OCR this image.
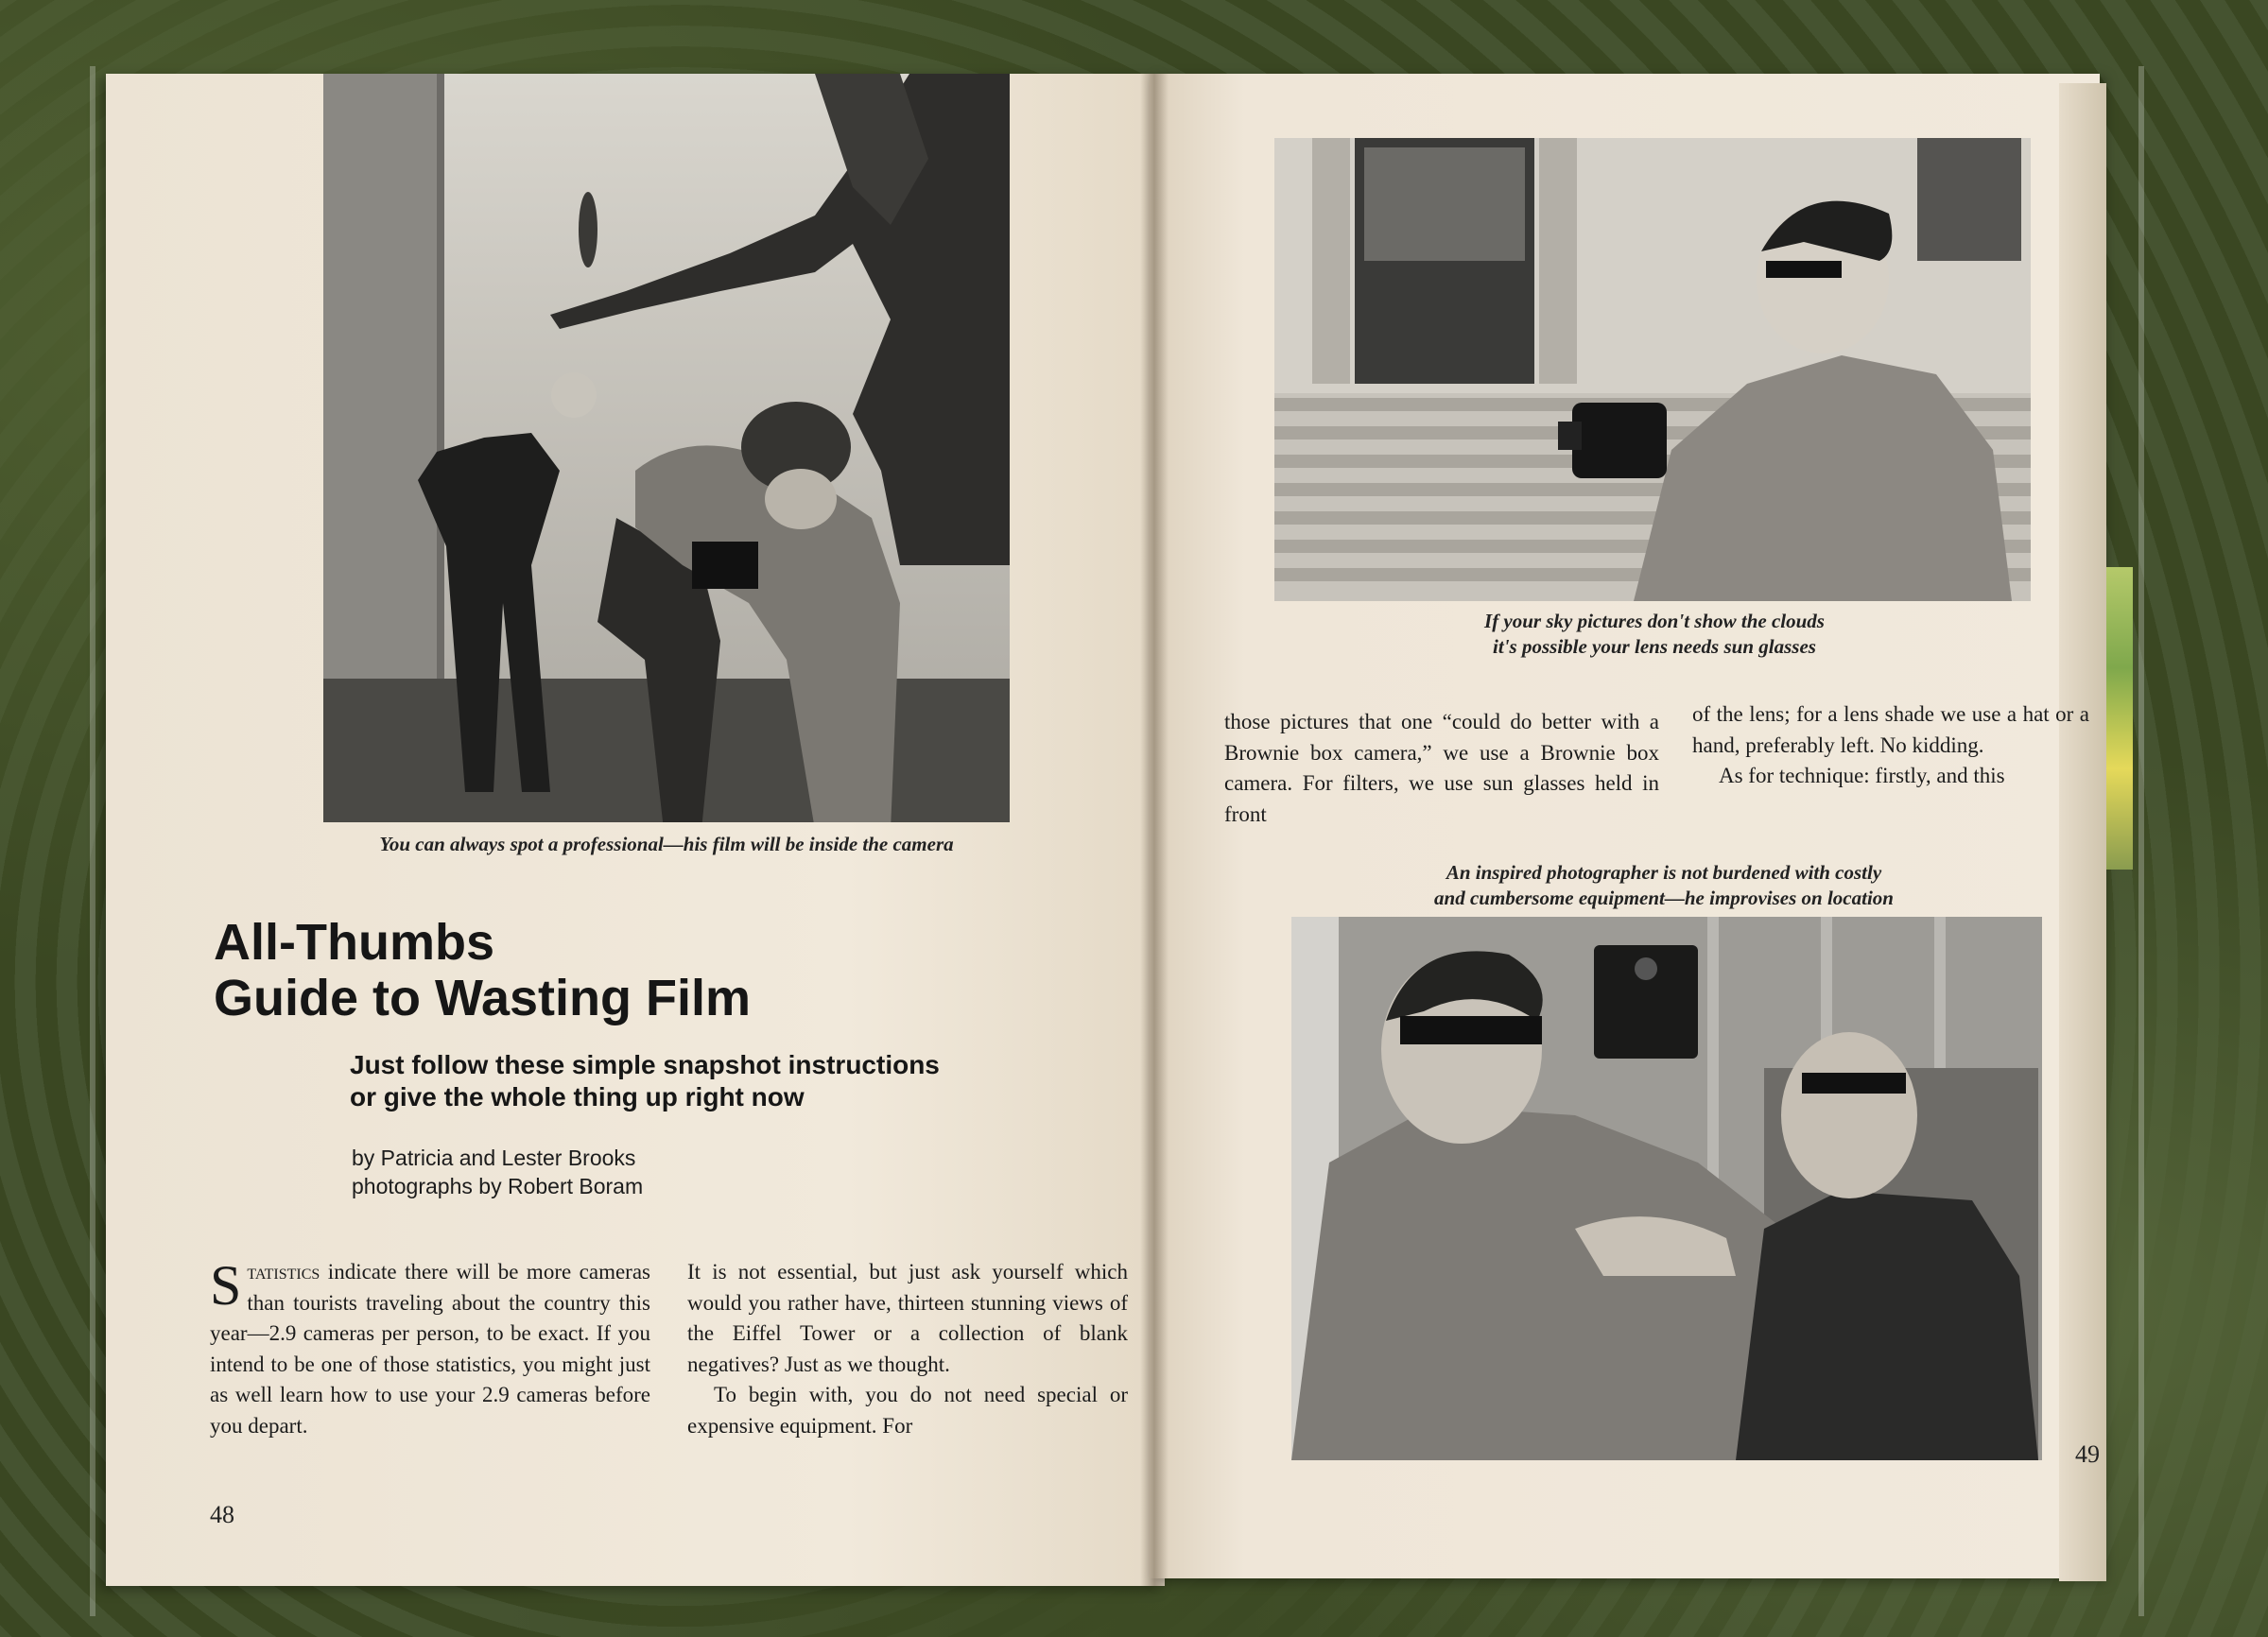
You can always spot a professional—his film will be inside the camera
All-Thumbs
Guide to Wasting Film
Just follow these simple snapshot instructions
or give the whole thing up right now
by Patricia and Lester Brooks
photographs by Robert Boram

Statistics indicate there will be more cameras than tourists traveling about the country this year—2.9 cameras per person, to be exact. If you intend to be one of those statistics, you might just as well learn how to use your 2.9 cameras before you depart.

It is not essential, but just ask yourself which would you rather have, thirteen stunning views of the Eiffel Tower or a collection of blank negatives? Just as we thought.

To begin with, you do not need special or expensive equipment. For

48
If your sky pictures don't show the clouds
it's possible your lens needs sun glasses

those pictures that one “could do better with a Brownie box camera,” we use a Brownie box camera. For filters, we use sun glasses held in front

of the lens; for a lens shade we use a hat or a hand, preferably left. No kidding.

As for technique: firstly, and this

An inspired photographer is not burdened with costly
and cumbersome equipment—he improvises on location
49
